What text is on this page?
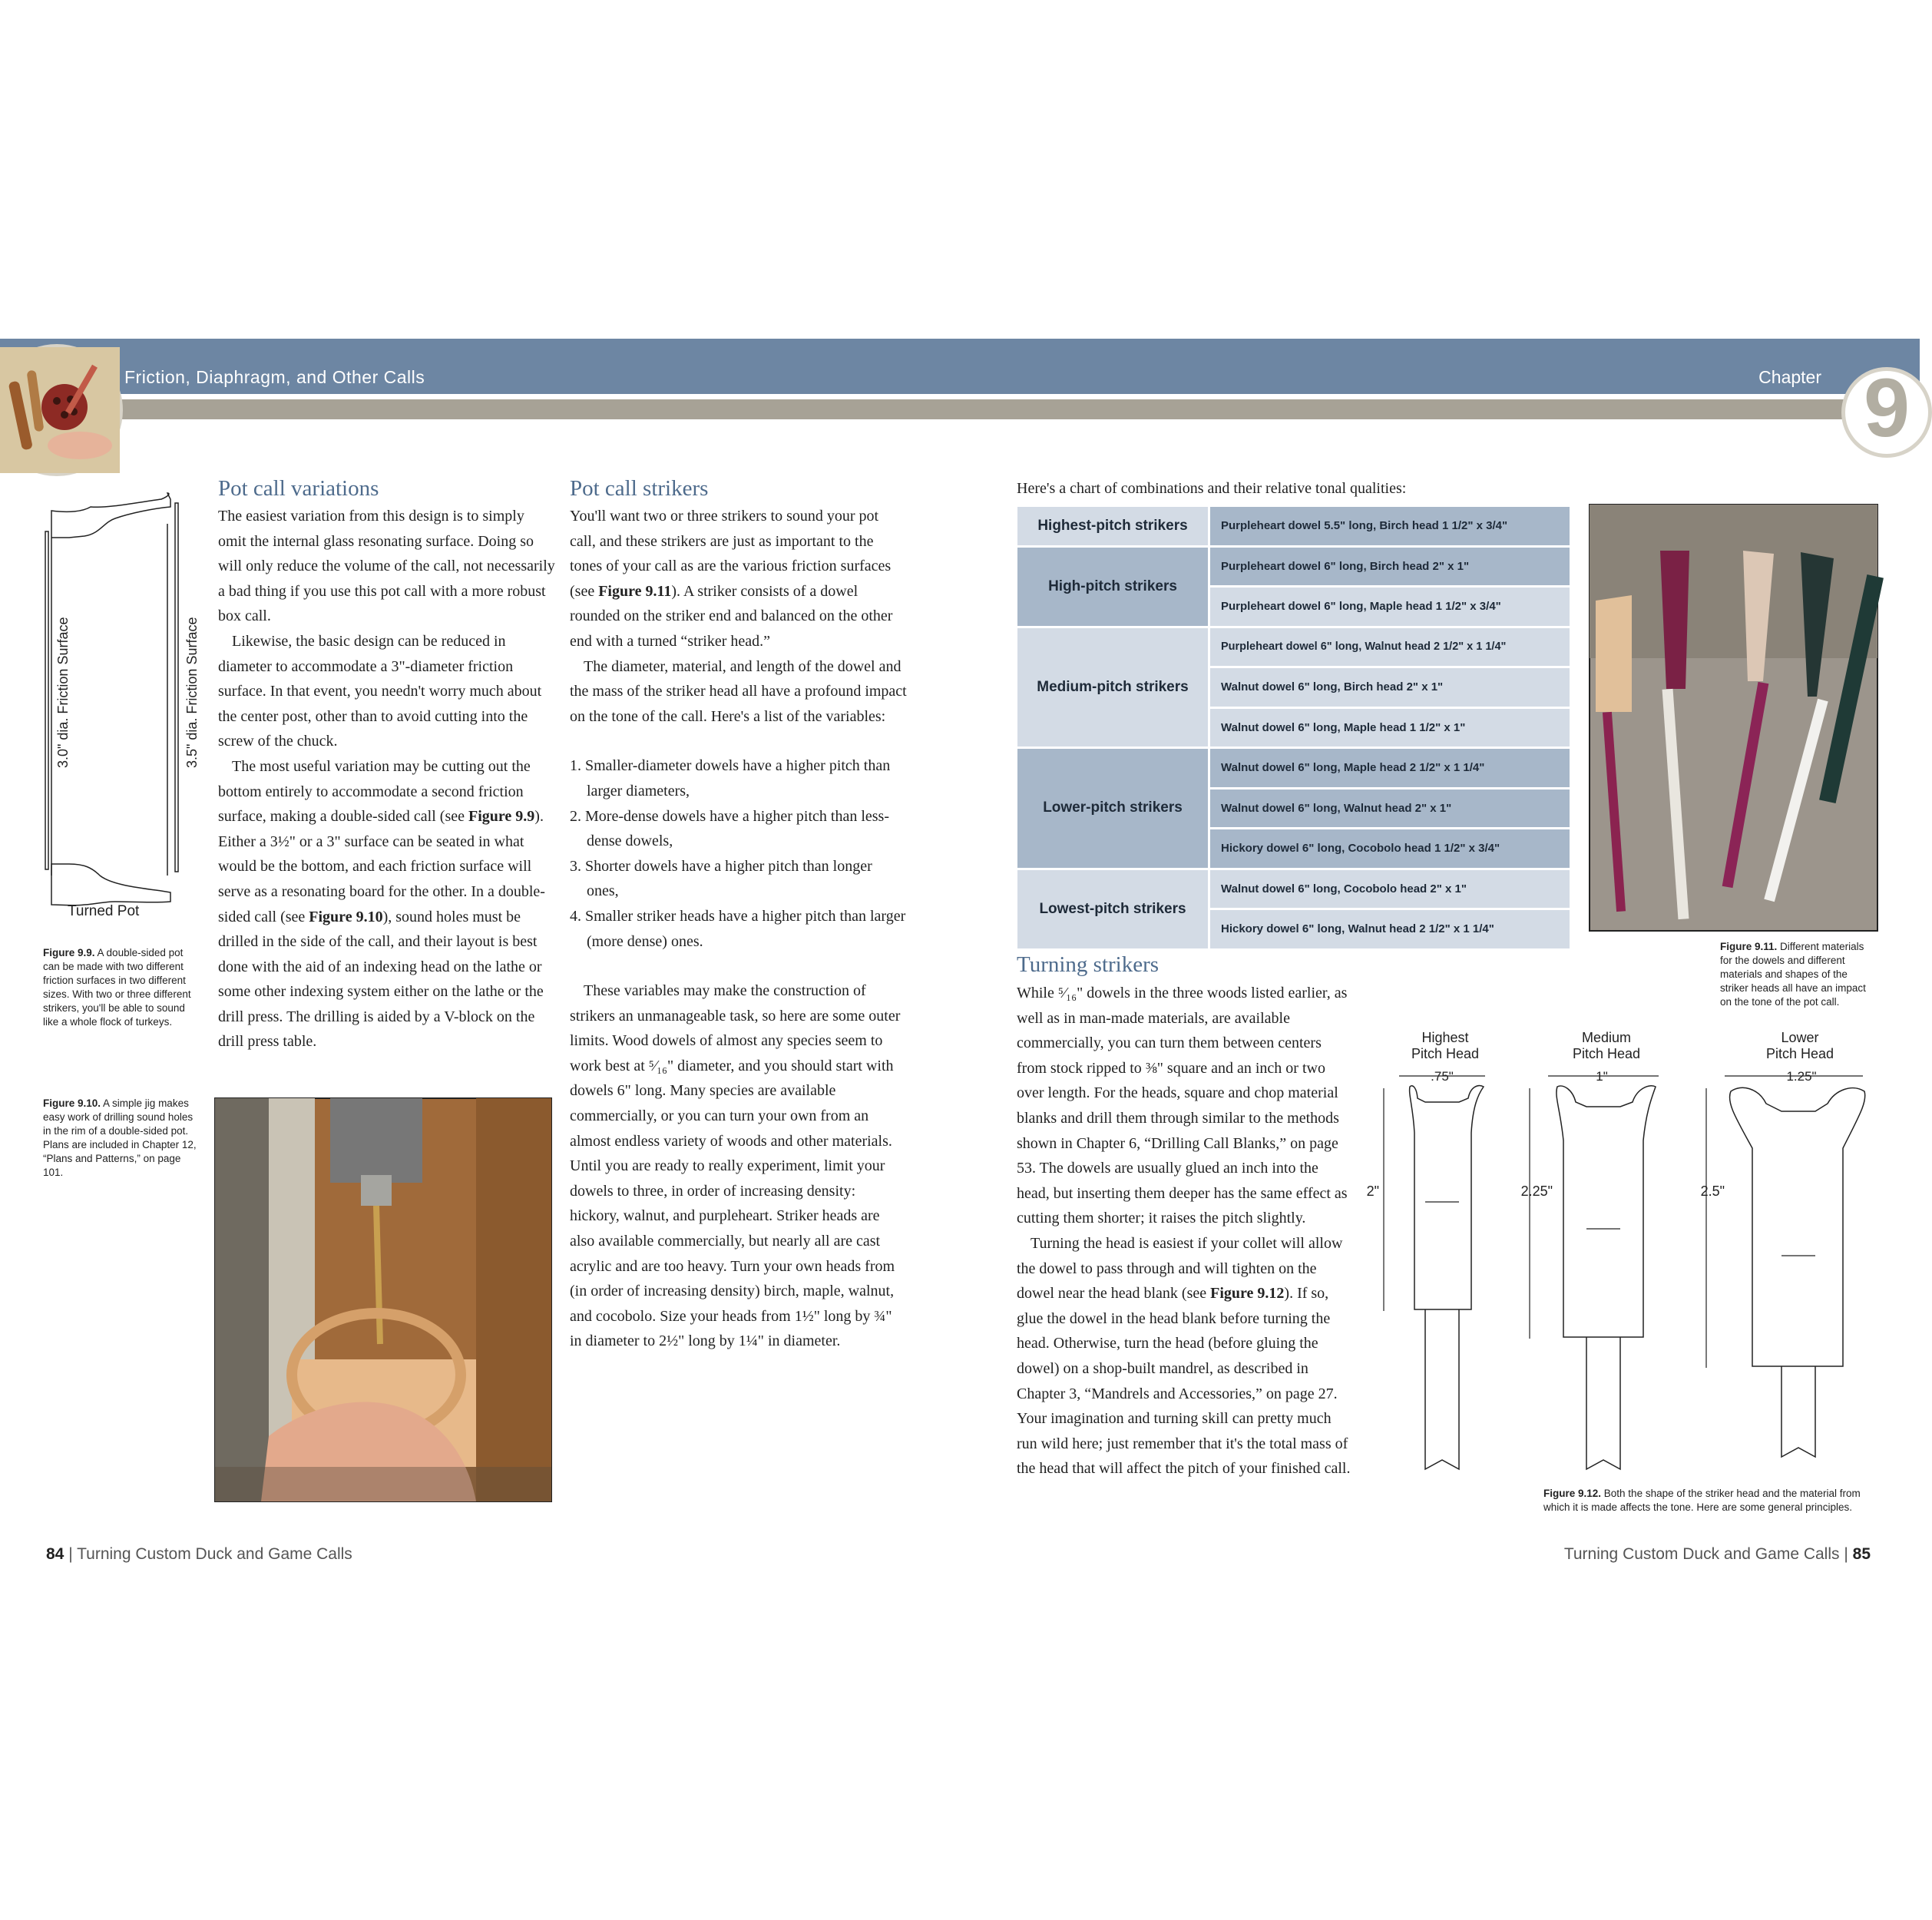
Friction, Diaphragm, and Other Calls	Chapter 9
3.0" dia. Friction Surface	3.5" dia. Friction Surface
Turned Pot
Figure 9.9. A double-sided pot can be made with two different friction surfaces in two different sizes. With two or three different strikers, you'll be able to sound like a whole flock of turkeys.
Figure 9.10. A simple jig makes easy work of drilling sound holes in the rim of a double-sided pot. Plans are included in Chapter 12, “Plans and Patterns,” on page 101.
Pot call variations

The easiest variation from this design is to simply omit the internal glass resonating surface. Doing so will only reduce the volume of the call, not necessarily a bad thing if you use this pot call with a more robust box call.

Likewise, the basic design can be reduced in diameter to accommodate a 3"-diameter friction surface. In that event, you needn't worry much about the center post, other than to avoid cutting into the screw of the chuck.

The most useful variation may be cutting out the bottom entirely to accommodate a second friction surface, making a double-sided call (see Figure 9.9). Either a 3½" or a 3" surface can be seated in what would be the bottom, and each friction surface will serve as a resonating board for the other. In a double-sided call (see Figure 9.10), sound holes must be drilled in the side of the call, and their layout is best done with the aid of an indexing head on the lathe or some other indexing system either on the lathe or the drill press. The drilling is aided by a V-block on the drill press table.

Pot call strikers

You'll want two or three strikers to sound your pot call, and these strikers are just as important to the tones of your call as are the various friction surfaces (see Figure 9.11). A striker consists of a dowel rounded on the striker end and balanced on the other end with a turned “striker head.”

The diameter, material, and length of the dowel and the mass of the striker head all have a profound impact on the tone of the call. Here's a list of the variables:

1. Smaller-diameter dowels have a higher pitch than larger diameters,

2. More-dense dowels have a higher pitch than less-dense dowels,

3. Shorter dowels have a higher pitch than longer ones,

4. Smaller striker heads have a higher pitch than larger (more dense) ones.

These variables may make the construction of strikers an unmanageable task, so here are some outer limits. Wood dowels of almost any species seem to work best at ⁵⁄₁₆" diameter, and you should start with dowels 6" long. Many species are available commercially, or you can turn your own from an almost endless variety of woods and other materials. Until you are ready to really experiment, limit your dowels to three, in order of increasing density: hickory, walnut, and purpleheart. Striker heads are also available commercially, but nearly all are cast acrylic and are too heavy. Turn your own heads from (in order of increasing density) birch, maple, walnut, and cocobolo. Size your heads from 1½" long by ¾" in diameter to 2½" long by 1¼" in diameter.

84 | Turning Custom Duck and Game Calls
Here's a chart of combinations and their relative tonal qualities:
Highest-pitch strikers	Purpleheart dowel 5.5" long, Birch head 1 1/2" x 3/4"
High-pitch strikers	Purpleheart dowel 6" long, Birch head 2" x 1"
	Purpleheart dowel 6" long, Maple head 1 1/2" x 3/4"
Medium-pitch strikers	Purpleheart dowel 6" long, Walnut head 2 1/2" x 1 1/4"
	Walnut dowel 6" long, Birch head 2" x 1"
	Walnut dowel 6" long, Maple head 1 1/2" x 1"
Lower-pitch strikers	Walnut dowel 6" long, Maple head 2 1/2" x 1 1/4"
	Walnut dowel 6" long, Walnut head 2" x 1"
	Hickory dowel 6" long, Cocobolo head 1 1/2" x 3/4"
Lowest-pitch strikers	Walnut dowel 6" long, Cocobolo head 2" x 1"
	Hickory dowel 6" long, Walnut head 2 1/2" x 1 1/4"
Figure 9.11. Different materials for the dowels and different materials and shapes of the striker heads all have an impact on the tone of the pot call.
Turning strikers

While ⁵⁄₁₆" dowels in the three woods listed earlier, as well as in man-made materials, are available commercially, you can turn them between centers from stock ripped to ⅜" square and an inch or two over length. For the heads, square and chop material blanks and drill them through similar to the methods shown in Chapter 6, “Drilling Call Blanks,” on page 53. The dowels are usually glued an inch into the head, but inserting them deeper has the same effect as cutting them shorter; it raises the pitch slightly.

Turning the head is easiest if your collet will allow the dowel to pass through and will tighten on the dowel near the head blank (see Figure 9.12). If so, glue the dowel in the head blank before turning the head. Otherwise, turn the head (before gluing the dowel) on a shop-built mandrel, as described in Chapter 3, “Mandrels and Accessories,” on page 27. Your imagination and turning skill can pretty much run wild here; just remember that it's the total mass of the head that will affect the pitch of your finished call.

Highest
Pitch Head
.75"
2"
Medium
Pitch Head
1"
2.25"
Lower
Pitch Head
1.25"
2.5"
Figure 9.12. Both the shape of the striker head and the material from which it is made affects the tone. Here are some general principles.
Turning Custom Duck and Game Calls | 85
